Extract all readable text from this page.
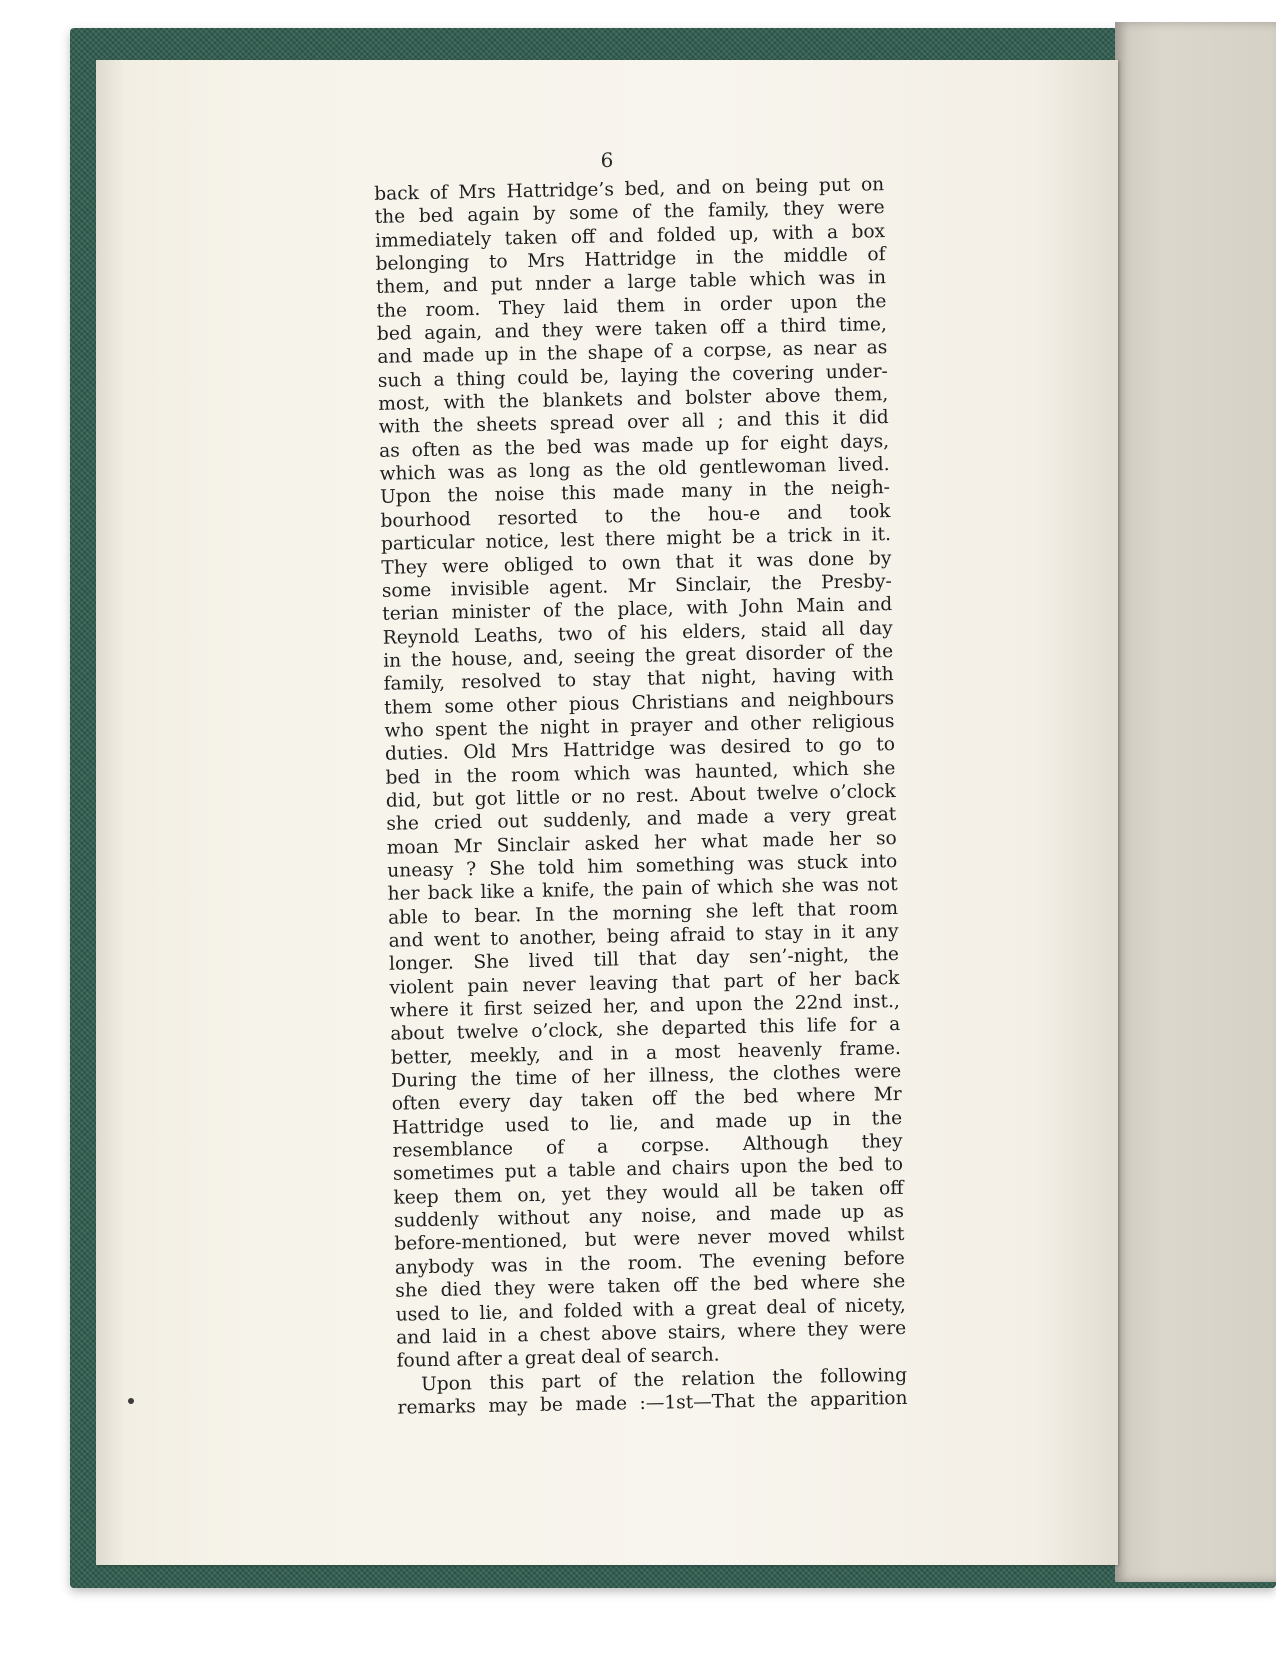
6
back of Mrs Hattridge’s bed, and on being put on
the bed again by some of the family, they were
immediately taken off and folded up, with a box
belonging to Mrs Hattridge in the middle of
them, and put nnder a large table which was in
the room. They laid them in order upon the
bed again, and they were taken off a third time,
and made up in the shape of a corpse, as near as
such a thing could be, laying the covering under-
most, with the blankets and bolster above them,
with the sheets spread over all ; and this it did
as often as the bed was made up for eight days,
which was as long as the old gentlewoman lived.
Upon the noise this made many in the neigh-
bourhood resorted to the hou-e and took
particular notice, lest there might be a trick in it.
They were obliged to own that it was done by
some invisible agent. Mr Sinclair, the Presby-
terian minister of the place, with John Main and
Reynold Leaths, two of his elders, staid all day
in the house, and, seeing the great disorder of the
family, resolved to stay that night, having with
them some other pious Christians and neighbours
who spent the night in prayer and other religious
duties. Old Mrs Hattridge was desired to go to
bed in the room which was haunted, which she
did, but got little or no rest. About twelve o’clock
she cried out suddenly, and made a very great
moan Mr Sinclair asked her what made her so
uneasy ? She told him something was stuck into
her back like a knife, the pain of which she was not
able to bear. In the morning she left that room
and went to another, being afraid to stay in it any
longer. She lived till that day sen’-night, the
violent pain never leaving that part of her back
where it first seized her, and upon the 22nd inst.,
about twelve o’clock, she departed this life for a
better, meekly, and in a most heavenly frame.
During the time of her illness, the clothes were
often every day taken off the bed where Mr
Hattridge used to lie, and made up in the
resemblance of a corpse. Although they
sometimes put a table and chairs upon the bed to
keep them on, yet they would all be taken off
suddenly without any noise, and made up as
before-mentioned, but were never moved whilst
anybody was in the room. The evening before
she died they were taken off the bed where she
used to lie, and folded with a great deal of nicety,
and laid in a chest above stairs, where they were
found after a great deal of search.
Upon this part of the relation the following
remarks may be made :—1st—That the apparition
